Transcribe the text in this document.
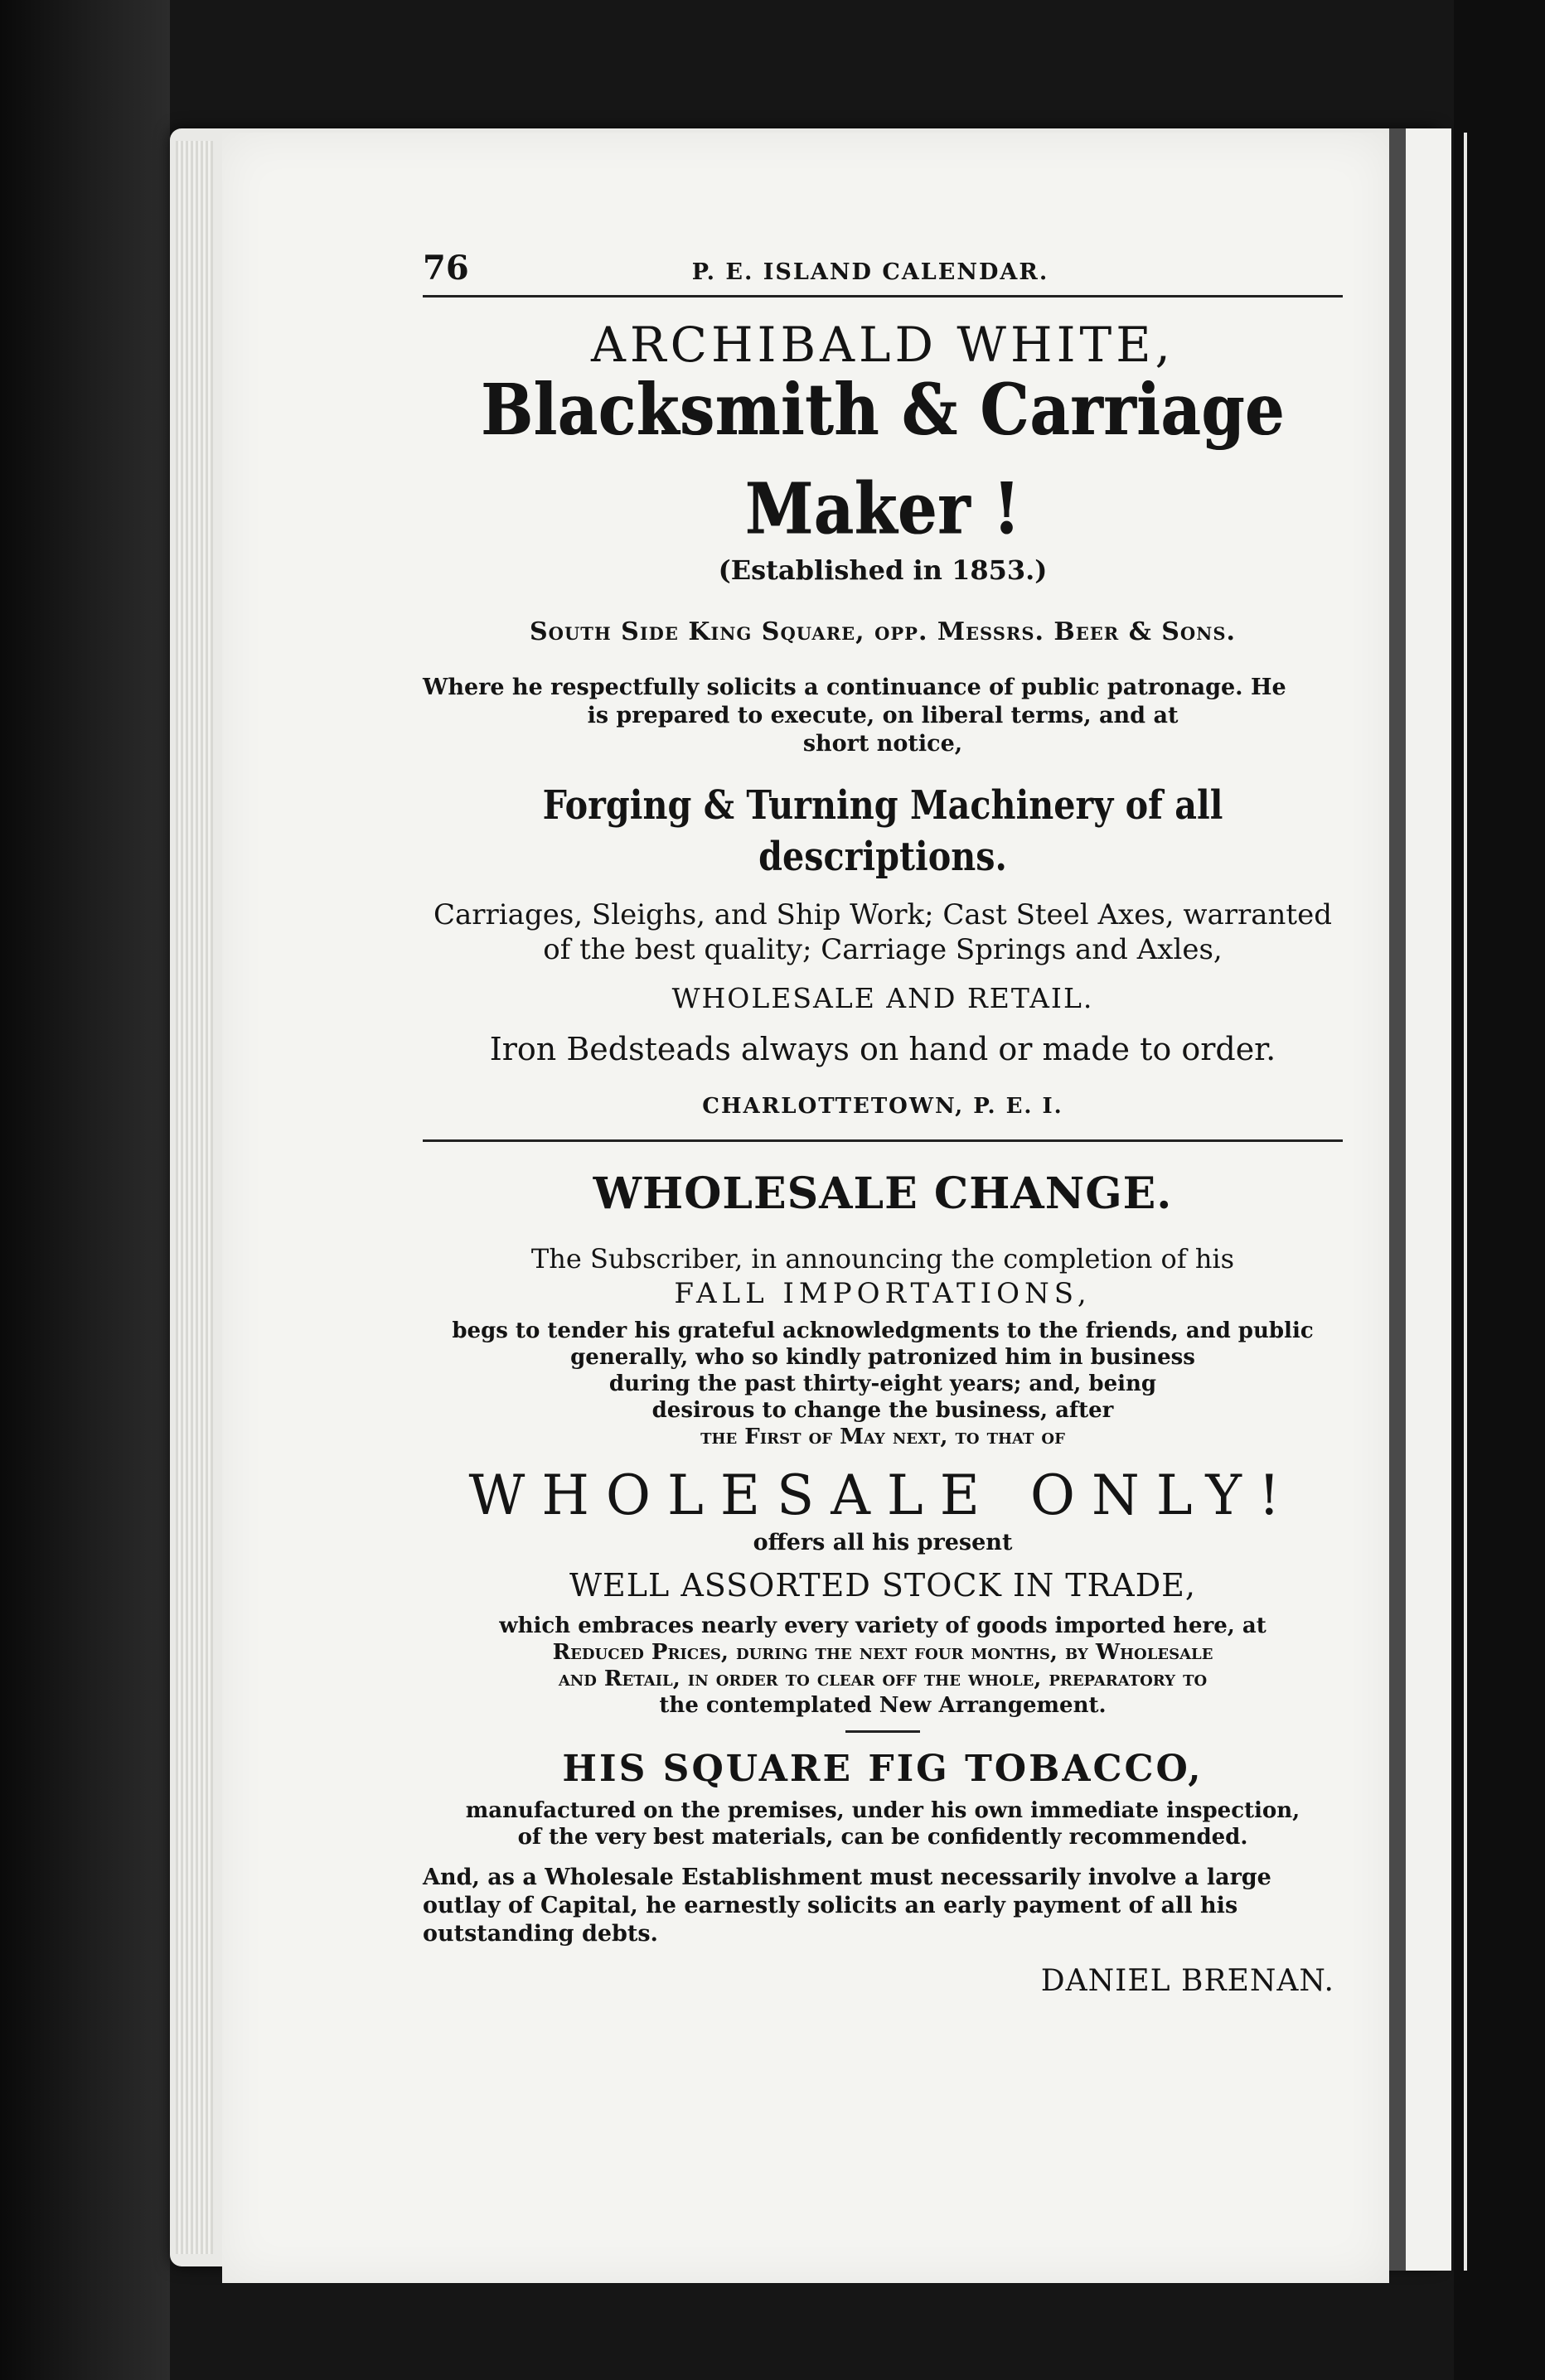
76	P. E. ISLAND CALENDAR.
ARCHIBALD WHITE,
Blacksmith & Carriage Maker !
(Established in 1853.)
South Side King Square, opp. Messrs. Beer & Sons.
Where he respectfully solicits a continuance of public patronage. He
is prepared to execute, on liberal terms, and at
short notice,
Forging & Turning Machinery of all descriptions.
Carriages, Sleighs, and Ship Work; Cast Steel Axes, warranted
of the best quality; Carriage Springs and Axles,
WHOLESALE AND RETAIL.
Iron Bedsteads always on hand or made to order.
CHARLOTTETOWN, P. E. I.
WHOLESALE CHANGE.
The Subscriber, in announcing the completion of his
FALL IMPORTATIONS,
begs to tender his grateful acknowledgments to the friends, and public
generally, who so kindly patronized him in business
during the past thirty-eight years; and, being
desirous to change the business, after
the First of May next, to that of
WHOLESALE ONLY!
offers all his present
WELL ASSORTED STOCK IN TRADE,
which embraces nearly every variety of goods imported here, at
Reduced Prices, during the next four months, by Wholesale
and Retail, in order to clear off the whole, preparatory to
the contemplated New Arrangement.
HIS SQUARE FIG TOBACCO,
manufactured on the premises, under his own immediate inspection,
of the very best materials, can be confidently recommended.
And, as a Wholesale Establishment must necessarily involve a large
outlay of Capital, he earnestly solicits an early payment of all his
outstanding debts.
DANIEL BRENAN.
